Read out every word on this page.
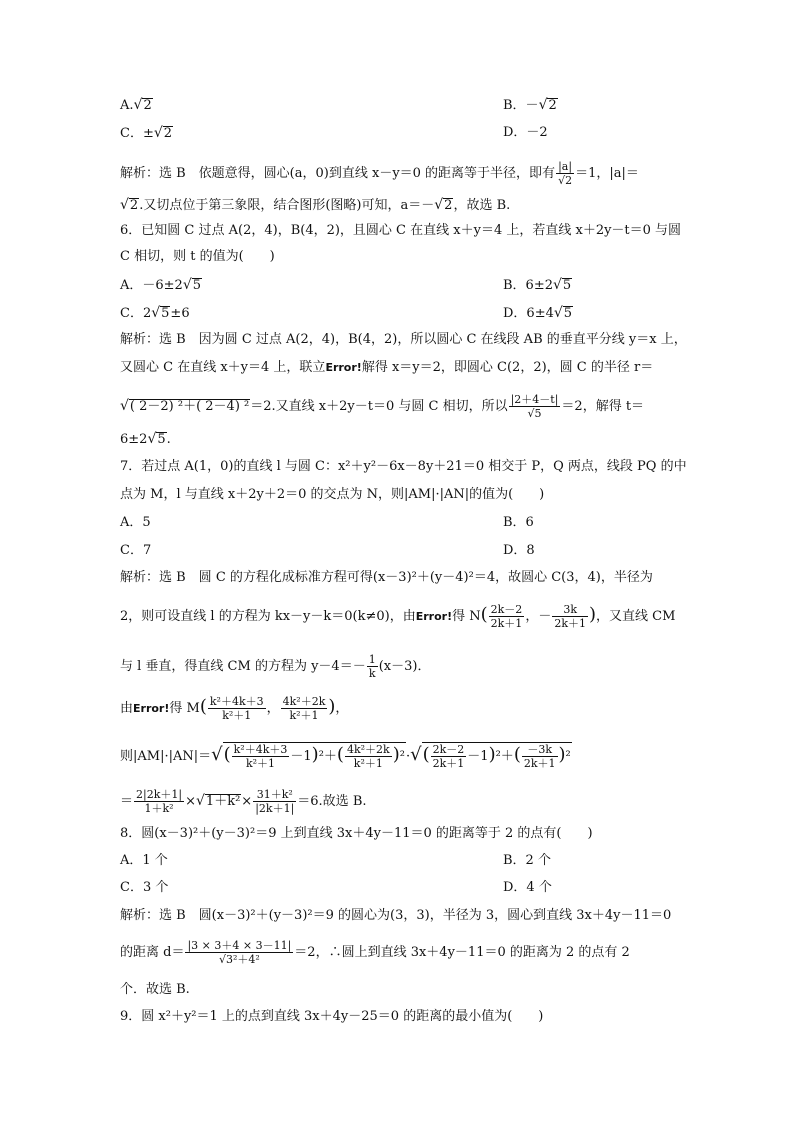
A.√2	B．－√2
C．±√2	D．－2
解析：选 B　依题意得，圆心(a，0)到直线 x－y＝0 的距离等于半径，即有 $\frac{|a|}{√2} =1$，|a|＝
√2.又切点位于第三象限，结合图形(图略)可知，a＝－√2，故选 B.
6．已知圆 C 过点 A(2，4)，B(4，2)，且圆心 C 在直线 x＋y＝4 上，若直线 x＋2y－t＝0 与圆
C 相切，则 t 的值为(　　)
A．－6±2√5	B．6±2√5
C．2√5±6	D．6±4√5
解析：选 B　因为圆 C 过点 A(2，4)，B(4，2)，所以圆心 C 在线段 AB 的垂直平分线 y＝x 上，
又圆心 C 在直线 x＋y＝4 上，联立Error!解得 x＝y＝2，即圆心 C(2，2)，圆 C 的半径 r＝
√( 2－2) ²＋( 2－4) ²＝2.又直线 x＋2y－t＝0 与圆 C 相切，所以 $\frac{|2+4-t|}{√5} =2$，解得 t＝
6±2√5.
7．若过点 A(1，0)的直线 l 与圆 C：x²＋y²－6x－8y＋21＝0 相交于 P，Q 两点，线段 PQ 的中
点为 M，l 与直线 x＋2y＋2＝0 的交点为 N，则|AM|·|AN|的值为(　　)
A．5	B．6
C．7	D．8
解析：选 B　圆 C 的方程化成标准方程可得(x－3)²＋(y－4)²＝4，故圆心 C(3，4)，半径为
2，则可设直线 l 的方程为 kx－y－k＝0(k≠0)，由Error!得 $N( \frac{2k-2}{2k+1}$ ，－ $\frac{3k}{2k+1}$ )，又直线 CM
与 l 垂直，得直线 CM 的方程为 $y-4=- \frac{1}{k} (x-3)$．
由Error!得 $M( \frac{\text{k²＋4k＋3}}{\text{k²＋1}}$ ， $\frac{\text{4k²＋2k}}{\text{k²＋1}}$ )，
则$|AM|\cdot|AN|=√( \frac{\text{k²＋4k＋3}}{\text{k²＋1}} -1)^2+( \frac{\text{4k²＋2k}}{\text{k²＋1}} )^2\cdot√( \frac{2k-2}{2k+1} -1)^2+( \frac{-3k}{2k+1} )^2$
＝ $\frac{2|2k+1|}{\text{1＋k²}} \times√1+k^2\times \frac{\text{31＋k²}}{|2k+1|} =6$.故选 B.
8．圆(x－3)²＋(y－3)²＝9 上到直线 3x＋4y－11＝0 的距离等于 2 的点有(　　)
A．1 个	B．2 个
C．3 个	D．4 个
解析：选 B　圆(x－3)²＋(y－3)²＝9 的圆心为(3，3)，半径为 3，圆心到直线 3x＋4y－11＝0
的距离 $d= \frac{|3 \times 3+4 \times 3-11|}{\text{√3²＋4²}} =2$，∴圆上到直线 3x＋4y－11＝0 的距离为 2 的点有 2
个．故选 B.
9．圆 x²＋y²＝1 上的点到直线 3x＋4y－25＝0 的距离的最小值为(　　)
